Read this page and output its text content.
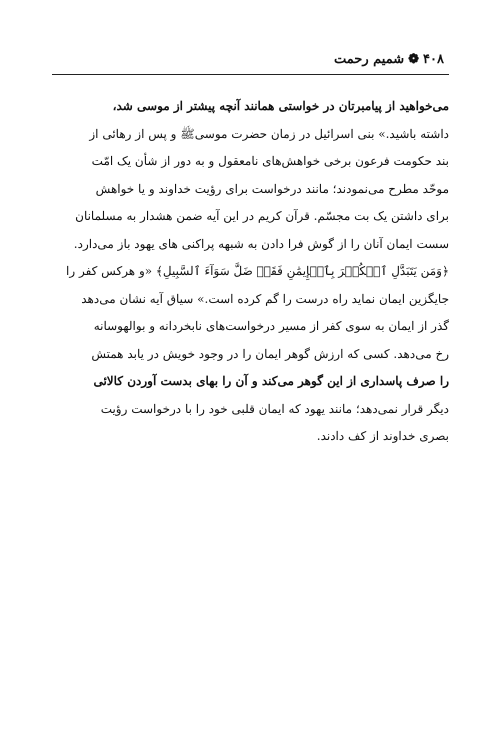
۴۰۸
❁
شمیم رحمت
می‌خواهید از پیامبرتان در خواستی همانند آنچه پیشتر از موسی شد،
داشته باشید.» بنی اسرائیل در زمان حضرت موسیﷺ و پس از رهائی از
بند حکومت فرعون برخی خواهش‌های نامعقول و به دور از شأن یک امّت
موحّد مطرح می‌نمودند؛ مانند درخواست برای رؤیت خداوند و یا خواهش
برای داشتن یک بت مجسّم. قرآن کریم در این آیه ضمن هشدار به مسلمانان
سست ایمان آنان را از گوش فرا دادن به شبهه پراکنی های یهود باز می‌دارد.
﴿وَمَن يَتَبَدَّلِ ٱلۡكُفۡرَ بِٱلۡإِيمَٰنِ فَقَدۡ ضَلَّ سَوَآءَ ٱلسَّبِيلِ﴾ «و هرکس کفر را
جایگزین ایمان نماید راه درست را گم کرده است.» سیاق آیه نشان می‌دهد
گذر از ایمان به سوی کفر از مسیر درخواست‌های نابخردانه و بوالهوسانه
رخ می‌دهد. کسی که ارزش گوهر ایمان را در وجود خویش در یابد همتش
را صرف پاسداری از این گوهر می‌کند و آن را بهای بدست آوردن کالائی
دیگر قرار نمی‌دهد؛ مانند یهود که ایمان قلبی خود را با درخواست رؤیت
بصری خداوند از کف دادند.
